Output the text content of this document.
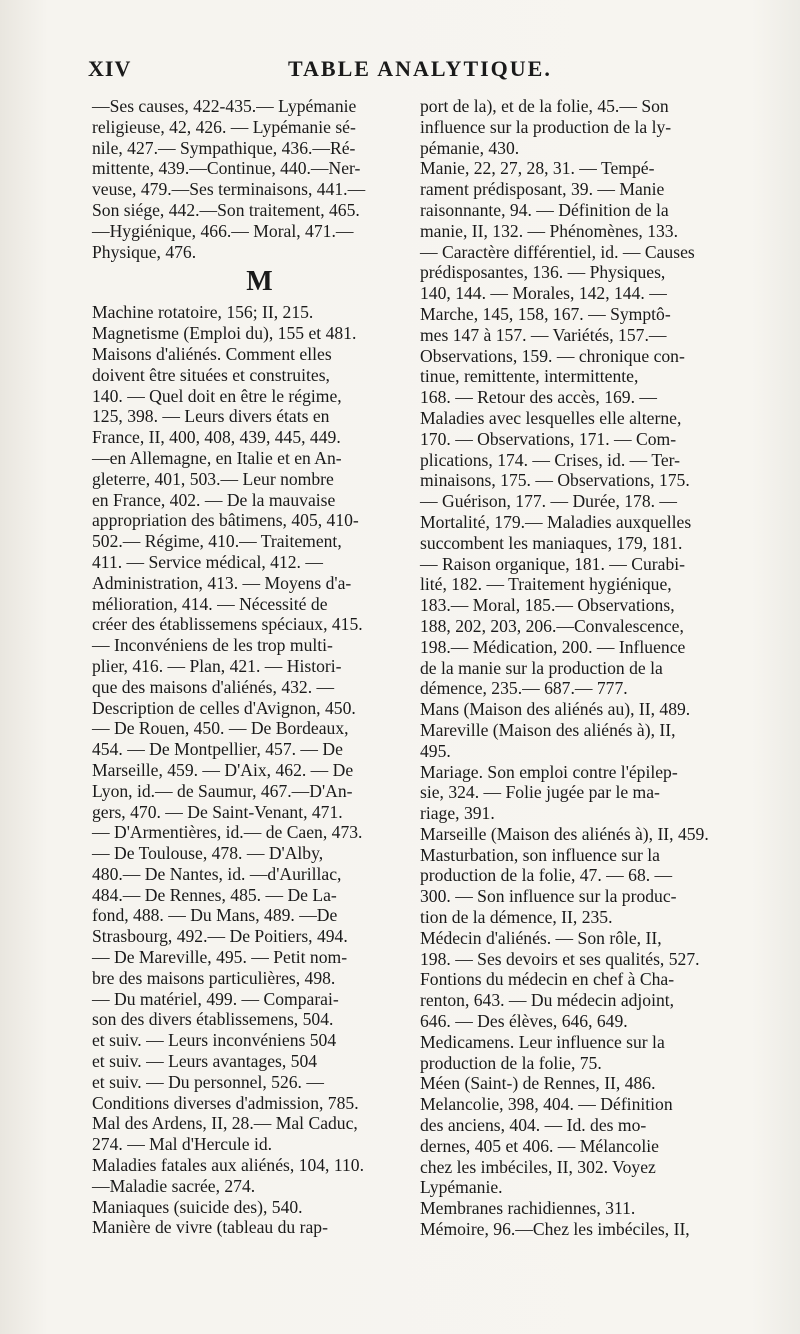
XIV	TABLE ANALYTIQUE.
—Ses causes, 422-435.— Lypémanie
religieuse, 42, 426. — Lypémanie sé-
nile, 427.— Sympathique, 436.—Ré-
mittente, 439.—Continue, 440.—Ner-
veuse, 479.—Ses terminaisons, 441.—
Son siége, 442.—Son traitement, 465.
—Hygiénique, 466.— Moral, 471.—
Physique, 476.
M
Machine rotatoire, 156; II, 215.
Magnetisme (Emploi du), 155 et 481.
Maisons d'aliénés. Comment elles
doivent être situées et construites,
140. — Quel doit en être le régime,
125, 398. — Leurs divers états en
France, II, 400, 408, 439, 445, 449.
—en Allemagne, en Italie et en An-
gleterre, 401, 503.— Leur nombre
en France, 402. — De la mauvaise
appropriation des bâtimens, 405, 410-
502.— Régime, 410.— Traitement,
411. — Service médical, 412. —
Administration, 413. — Moyens d'a-
mélioration, 414. — Nécessité de
créer des établissemens spéciaux, 415.
— Inconvéniens de les trop multi-
plier, 416. — Plan, 421. — Histori-
que des maisons d'aliénés, 432. —
Description de celles d'Avignon, 450.
— De Rouen, 450. — De Bordeaux,
454. — De Montpellier, 457. — De
Marseille, 459. — D'Aix, 462. — De
Lyon, id.— de Saumur, 467.—D'An-
gers, 470. — De Saint-Venant, 471.
— D'Armentières, id.— de Caen, 473.
— De Toulouse, 478. — D'Alby,
480.— De Nantes, id. —d'Aurillac,
484.— De Rennes, 485. — De La-
fond, 488. — Du Mans, 489. —De
Strasbourg, 492.— De Poitiers, 494.
— De Mareville, 495. — Petit nom-
bre des maisons particulières, 498.
— Du matériel, 499. — Comparai-
son des divers établissemens, 504.
et suiv. — Leurs inconvéniens 504
et suiv. — Leurs avantages, 504
et suiv. — Du personnel, 526. —
Conditions diverses d'admission, 785.
Mal des Ardens, II, 28.— Mal Caduc,
274. — Mal d'Hercule id.
Maladies fatales aux aliénés, 104, 110.
—Maladie sacrée, 274.
Maniaques (suicide des), 540.
Manière de vivre (tableau du rap-
port de la), et de la folie, 45.— Son
influence sur la production de la ly-
pémanie, 430.
Manie, 22, 27, 28, 31. — Tempé-
rament prédisposant, 39. — Manie
raisonnante, 94. — Définition de la
manie, II, 132. — Phénomènes, 133.
— Caractère différentiel, id. — Causes
prédisposantes, 136. — Physiques,
140, 144. — Morales, 142, 144. —
Marche, 145, 158, 167. — Symptô-
mes 147 à 157. — Variétés, 157.—
Observations, 159. — chronique con-
tinue, remittente, intermittente,
168. — Retour des accès, 169. —
Maladies avec lesquelles elle alterne,
170. — Observations, 171. — Com-
plications, 174. — Crises, id. — Ter-
minaisons, 175. — Observations, 175.
— Guérison, 177. — Durée, 178. —
Mortalité, 179.— Maladies auxquelles
succombent les maniaques, 179, 181.
— Raison organique, 181. — Curabi-
lité, 182. — Traitement hygiénique,
183.— Moral, 185.— Observations,
188, 202, 203, 206.—Convalescence,
198.— Médication, 200. — Influence
de la manie sur la production de la
démence, 235.— 687.— 777.
Mans (Maison des aliénés au), II, 489.
Mareville (Maison des aliénés à), II,
495.
Mariage. Son emploi contre l'épilep-
sie, 324. — Folie jugée par le ma-
riage, 391.
Marseille (Maison des aliénés à), II, 459.
Masturbation, son influence sur la
production de la folie, 47. — 68. —
300. — Son influence sur la produc-
tion de la démence, II, 235.
Médecin d'aliénés. — Son rôle, II,
198. — Ses devoirs et ses qualités, 527.
Fontions du médecin en chef à Cha-
renton, 643. — Du médecin adjoint,
646. — Des élèves, 646, 649.
Medicamens. Leur influence sur la
production de la folie, 75.
Méen (Saint-) de Rennes, II, 486.
Melancolie, 398, 404. — Définition
des anciens, 404. — Id. des mo-
dernes, 405 et 406. — Mélancolie
chez les imbéciles, II, 302. Voyez
Lypémanie.
Membranes rachidiennes, 311.
Mémoire, 96.—Chez les imbéciles, II,
